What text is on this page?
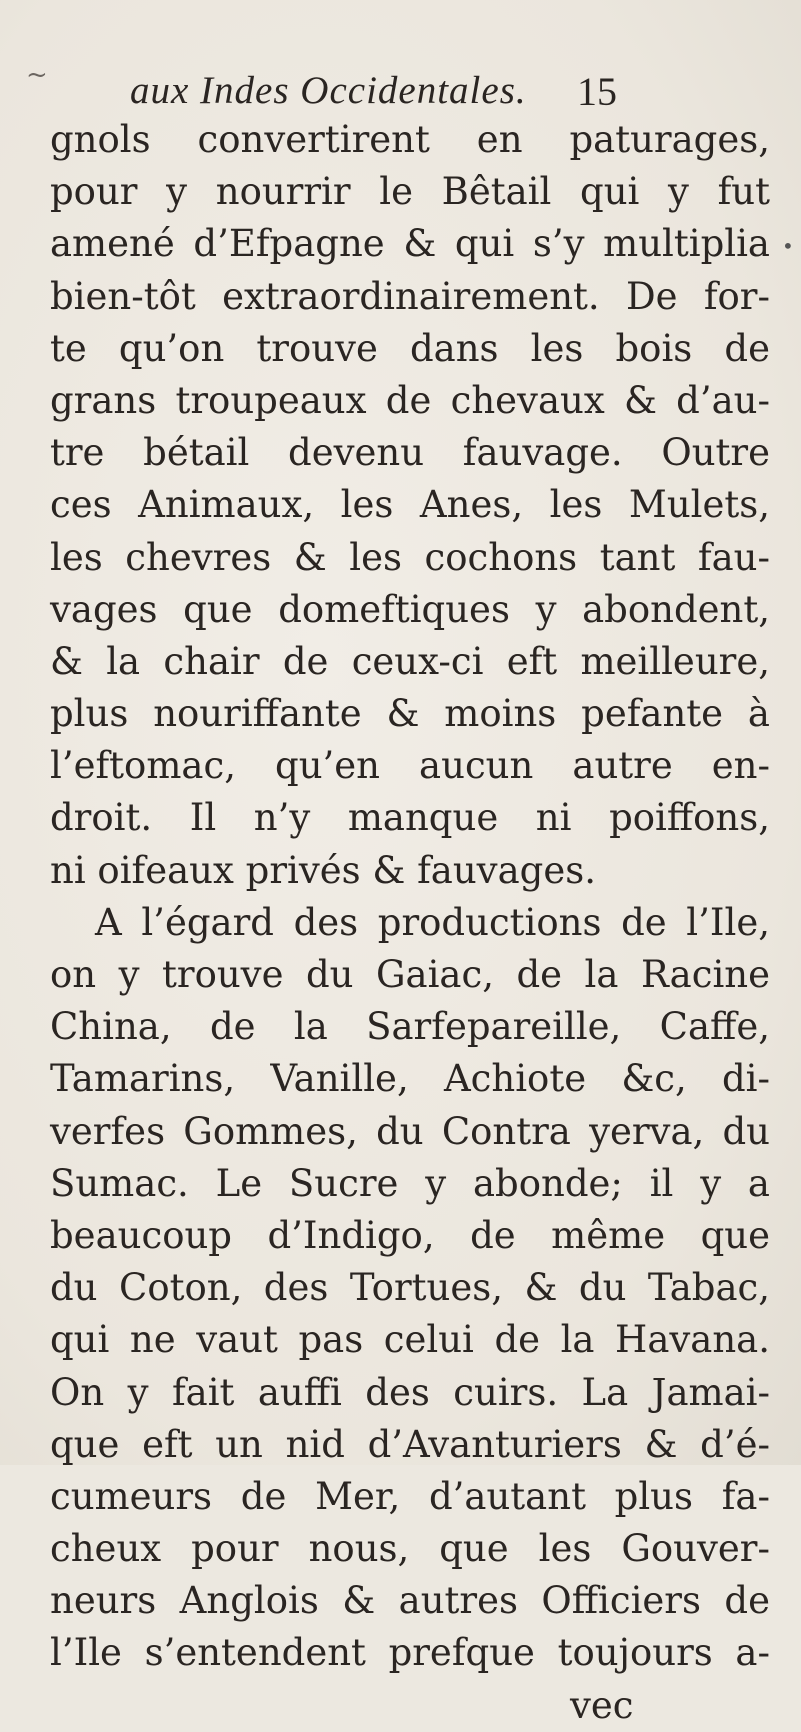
~ aux Indes Occidentales. 15
•
gnols convertirent en paturages,
pour y nourrir le Bêtail qui y fut
amené d’Efpagne & qui s’y multiplia
bien-tôt extraordinairement. De for-
te qu’on trouve dans les bois de
grans troupeaux de chevaux & d’au-
tre bétail devenu fauvage. Outre
ces Animaux, les Anes, les Mulets,
les chevres & les cochons tant fau-
vages que domeftiques y abondent,
& la chair de ceux-ci eft meilleure,
plus nouriffante & moins pefante à
l’eftomac, qu’en aucun autre en-
droit. Il n’y manque ni poiffons,
ni oifeaux privés & fauvages.
A l’égard des productions de l’Ile,
on y trouve du Gaiac, de la Racine
China, de la Sarfepareille, Caffe,
Tamarins, Vanille, Achiote &c, di-
verfes Gommes, du Contra yerva, du
Sumac. Le Sucre y abonde; il y a
beaucoup d’Indigo, de même que
du Coton, des Tortues, & du Tabac,
qui ne vaut pas celui de la Havana.
On y fait auffi des cuirs. La Jamai-
que eft un nid d’Avanturiers & d’é-
cumeurs de Mer, d’autant plus fa-
cheux pour nous, que les Gouver-
neurs Anglois & autres Officiers de
l’Ile s’entendent prefque toujours a-
vec
